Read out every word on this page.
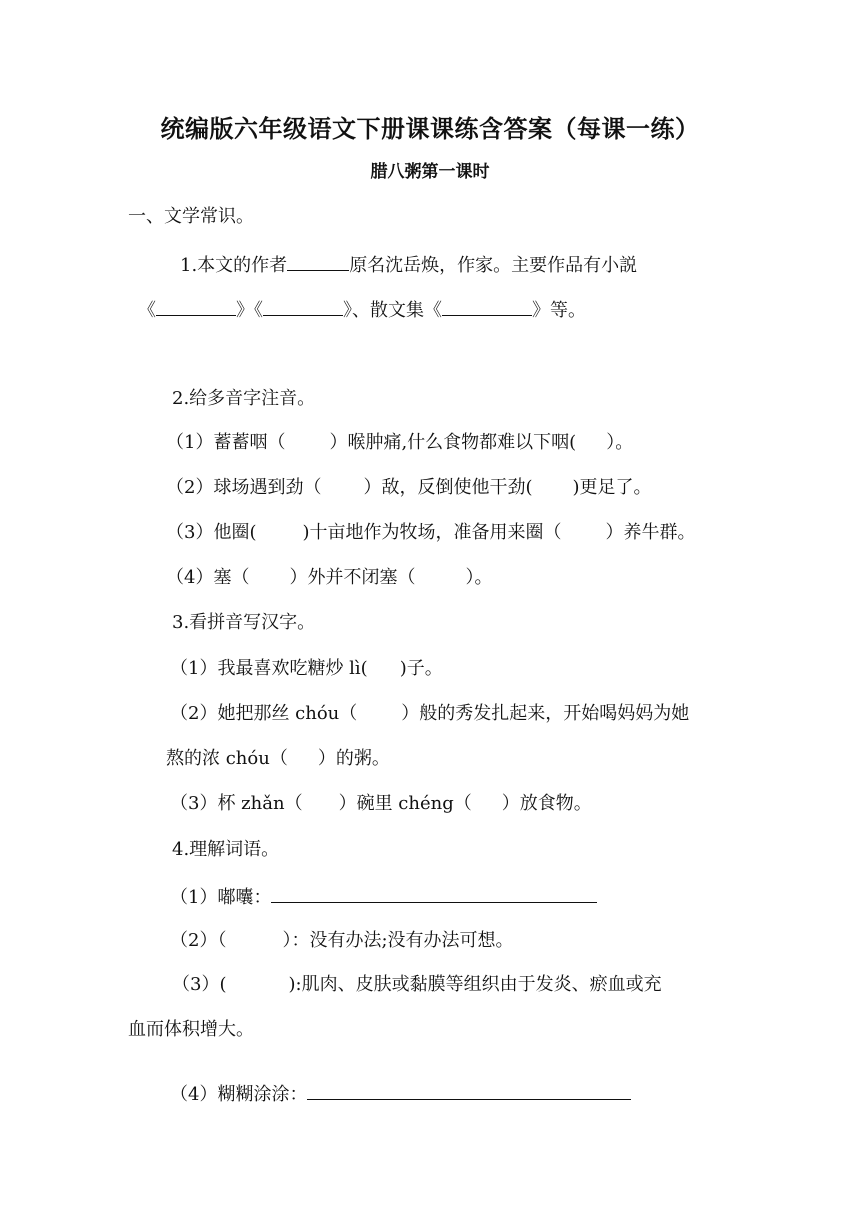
统编版六年级语文下册课课练含答案（每课一练）
腊八粥第一课时
一、文学常识。
1.本文的作者	原名沈岳焕，作家。主要作品有小説
《	》《	》、散文集《	》等。
2.给多音字注音。
（1）蓄蓄咽（ ）喉肿痛,什么食物都难以下咽( ）。
（2）球场遇到劲（ ）敌，反倒使他干劲( )更足了。
（3）他圈(	)十亩地作为牧场，准备用来圈（ ）养牛群。
（4）塞（ ）外并不闭塞（	）。
3.看拼音写汉字。
（1）我最喜欢吃糖炒 lì( )子。
（2）她把那丝 chóu（ ）般的秀发扎起来，开始喝妈妈为她
熬的浓 chóu（ ）的粥。
（3）杯 zhǎn（ ）碗里 chéng（ ）放食物。
4.理解词语。
（1）嘟囔：
（2）（	）：没有办法;没有办法可想。
（3）(	):肌肉、皮肤或黏膜等组织由于发炎、瘀血或充
血而体积增大。
（4）糊糊涂涂：
